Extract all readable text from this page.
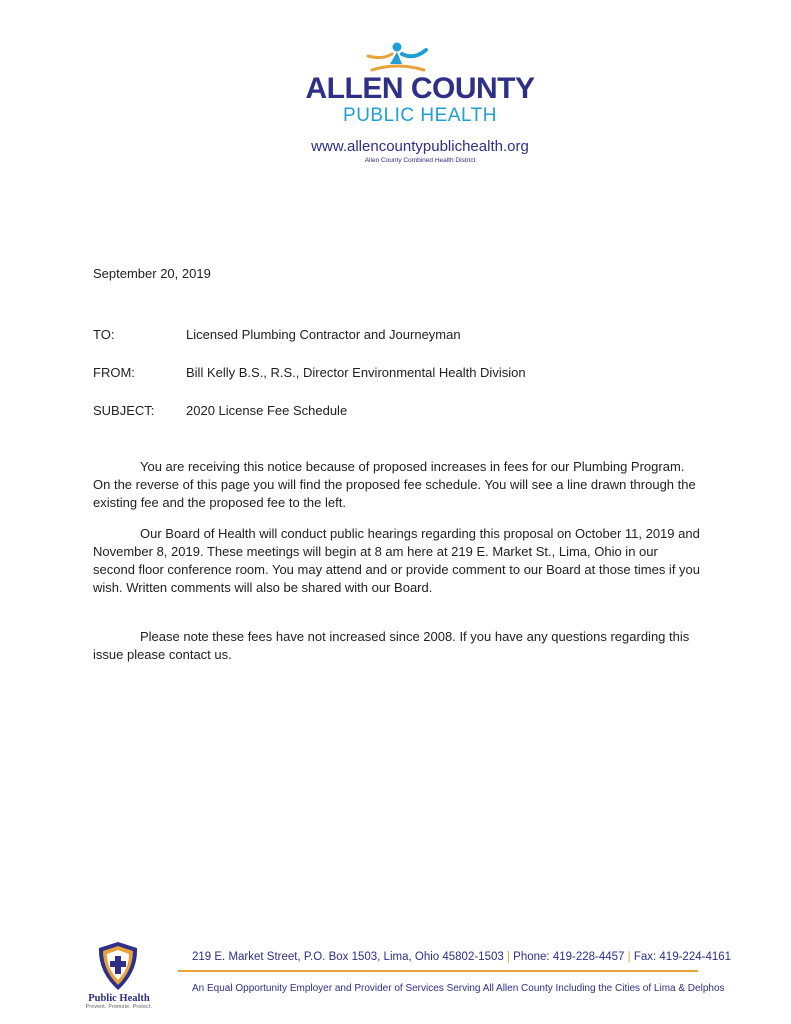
ALLEN COUNTY
PUBLIC HEALTH
www.allencountypublichealth.org
Allen County Combined Health District
September 20, 2019
TO:	Licensed Plumbing Contractor and Journeyman
FROM:	Bill Kelly B.S., R.S., Director Environmental Health Division
SUBJECT: 2020 License Fee Schedule
You are receiving this notice because of proposed increases in fees for our Plumbing Program. On the reverse of this page you will find the proposed fee schedule. You will see a line drawn through the existing fee and the proposed fee to the left.
Our Board of Health will conduct public hearings regarding this proposal on October 11, 2019 and November 8, 2019. These meetings will begin at 8 am here at 219 E. Market St., Lima, Ohio in our second floor conference room. You may attend and or provide comment to our Board at those times if you wish. Written comments will also be shared with our Board.
Please note these fees have not increased since 2008. If you have any questions regarding this issue please contact us.
Public Health
Prevent. Promote. Protect.
219 E. Market Street, P.O. Box 1503, Lima, Ohio 45802-1503 | Phone: 419-228-4457 | Fax: 419-224-4161
An Equal Opportunity Employer and Provider of Services Serving All Allen County Including the Cities of Lima & Delphos
